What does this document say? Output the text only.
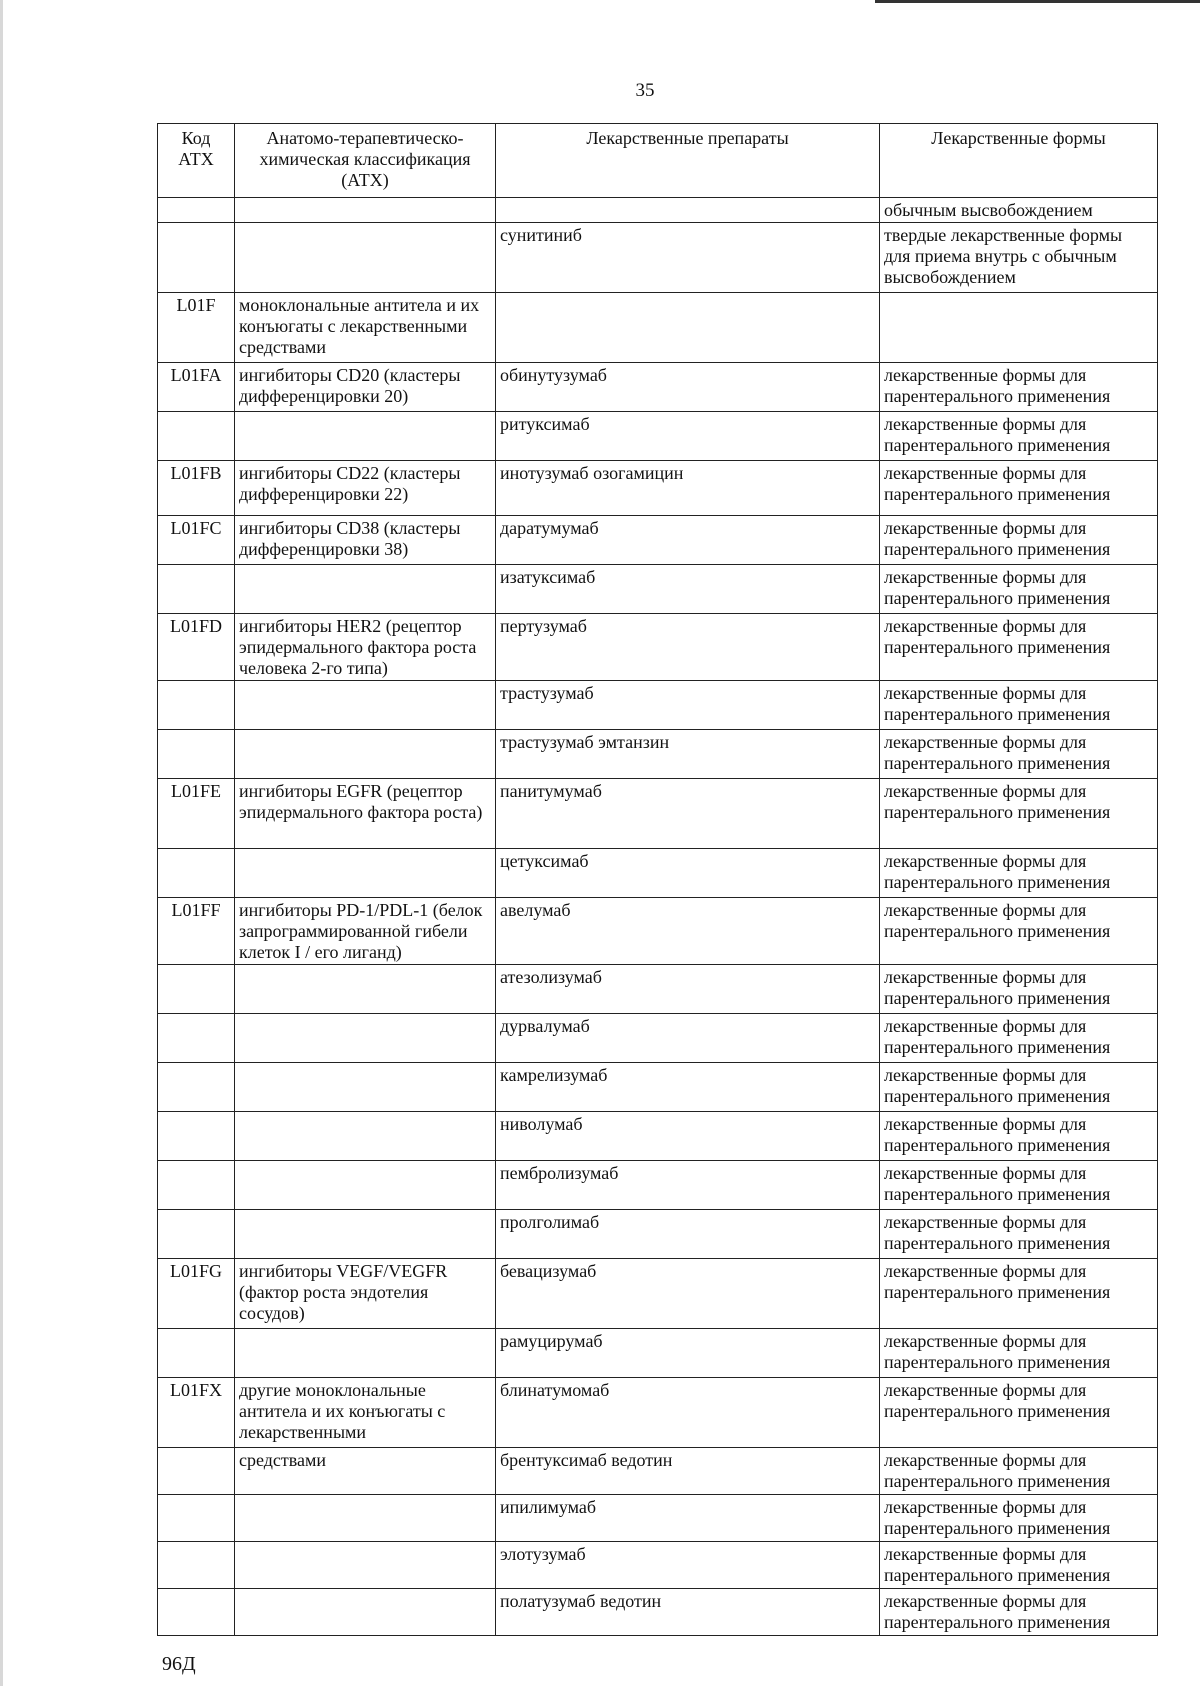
35
Код АТХ	Анатомо-терапевтическо-химическая классификация (АТХ)	Лекарственные препараты	Лекарственные формы
			обычным высвобождением
		сунитиниб	твердые лекарственные формы для приема внутрь с обычным высвобождением
L01F	моноклональные антитела и их конъюгаты с лекарственными средствами		
L01FA	ингибиторы CD20 (кластеры дифференцировки 20)	обинутузумаб	лекарственные формы для парентерального применения
		ритуксимаб	лекарственные формы для парентерального применения
L01FB	ингибиторы CD22 (кластеры дифференцировки 22)	инотузумаб озогамицин	лекарственные формы для парентерального применения
L01FC	ингибиторы CD38 (кластеры дифференцировки 38)	даратумумаб	лекарственные формы для парентерального применения
		изатуксимаб	лекарственные формы для парентерального применения
L01FD	ингибиторы HER2 (рецептор эпидермального фактора роста человека 2-го типа)	пертузумаб	лекарственные формы для парентерального применения
		трастузумаб	лекарственные формы для парентерального применения
		трастузумаб эмтанзин	лекарственные формы для парентерального применения
L01FE	ингибиторы EGFR (рецептор эпидермального фактора роста)	панитумумаб	лекарственные формы для парентерального применения
		цетуксимаб	лекарственные формы для парентерального применения
L01FF	ингибиторы PD-1/PDL-1 (белок запрограммированной гибели клеток I / его лиганд)	авелумаб	лекарственные формы для парентерального применения
		атезолизумаб	лекарственные формы для парентерального применения
		дурвалумаб	лекарственные формы для парентерального применения
		камрелизумаб	лекарственные формы для парентерального применения
		ниволумаб	лекарственные формы для парентерального применения
		пембролизумаб	лекарственные формы для парентерального применения
		пролголимаб	лекарственные формы для парентерального применения
L01FG	ингибиторы VEGF/VEGFR (фактор роста эндотелия сосудов)	бевацизумаб	лекарственные формы для парентерального применения
		рамуцирумаб	лекарственные формы для парентерального применения
L01FX	другие моноклональные антитела и их конъюгаты с лекарственными	блинатумомаб	лекарственные формы для парентерального применения
	средствами	брентуксимаб ведотин	лекарственные формы для парентерального применения
		ипилимумаб	лекарственные формы для парентерального применения
		элотузумаб	лекарственные формы для парентерального применения
		полатузумаб ведотин	лекарственные формы для парентерального применения
96Д
